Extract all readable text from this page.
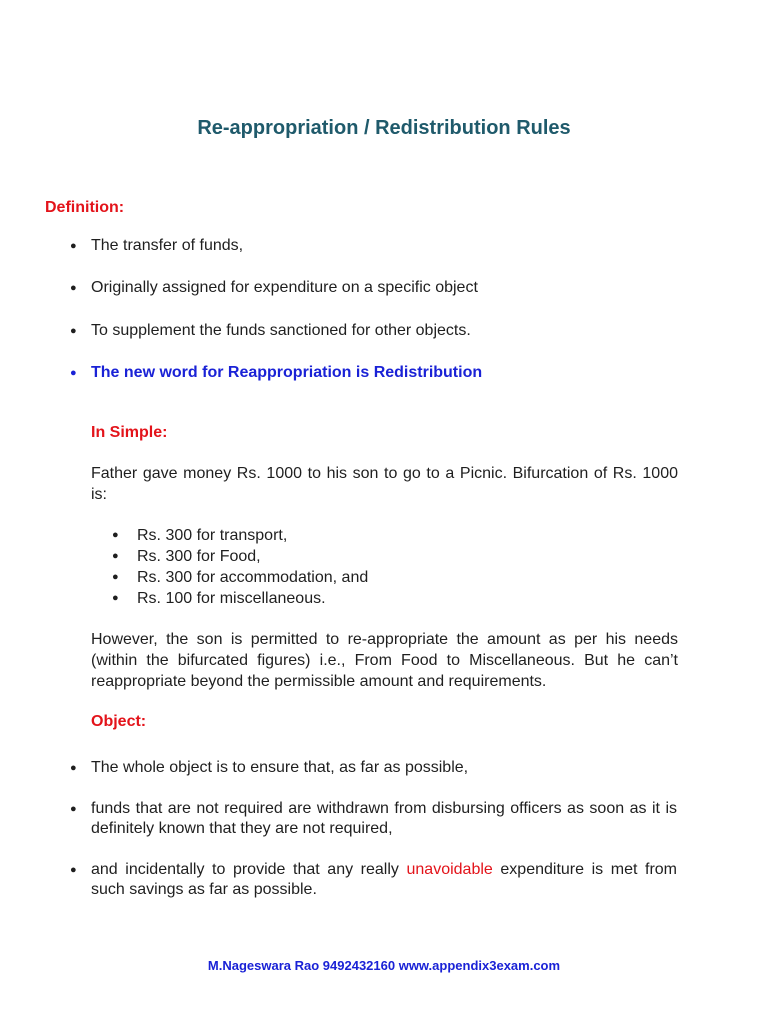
Re-appropriation / Redistribution Rules
Definition:
● The transfer of funds,
● Originally assigned for expenditure on a specific object
● To supplement the funds sanctioned for other objects.
● The new word for Reappropriation is Redistribution
In Simple:

Father gave money Rs. 1000 to his son to go to a Picnic. Bifurcation of Rs. 1000 is:

● Rs. 300 for transport,
● Rs. 300 for Food,
● Rs. 300 for accommodation, and
● Rs. 100 for miscellaneous.

However, the son is permitted to re-appropriate the amount as per his needs (within the bifurcated figures) i.e., From Food to Miscellaneous. But he can’t reappropriate beyond the permissible amount and requirements.

Object:
● The whole object is to ensure that, as far as possible,
● funds that are not required are withdrawn from disbursing officers as soon as it is definitely known that they are not required,
● and incidentally to provide that any really unavoidable expenditure is met from such savings as far as possible.
M.Nageswara Rao 9492432160 www.appendix3exam.com
